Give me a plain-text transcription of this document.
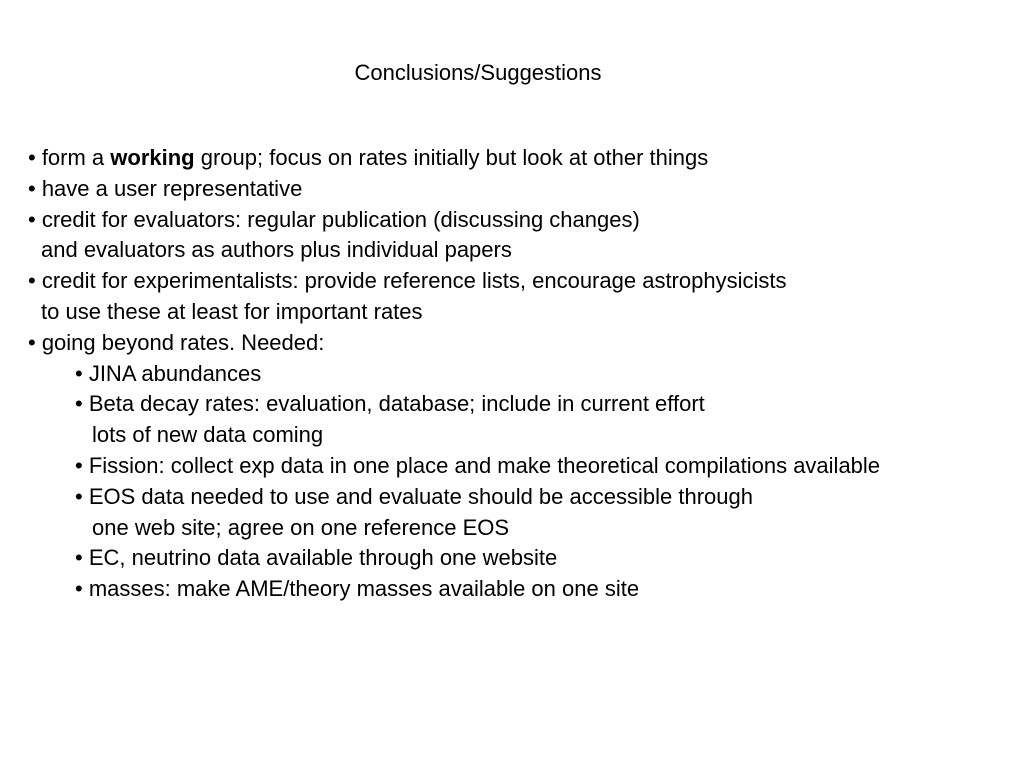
Conclusions/Suggestions
• form a working group; focus on rates initially but look at other things
• have a user representative
• credit for evaluators: regular publication (discussing changes)
and evaluators as authors plus individual papers
• credit for experimentalists: provide reference lists, encourage astrophysicists
to use these at least for important rates
• going beyond rates. Needed:
• JINA abundances
• Beta decay rates: evaluation, database; include in current effort
lots of new data coming
• Fission: collect exp data in one place and make theoretical compilations available
• EOS data needed to use and evaluate should be accessible through
one web site; agree on one reference EOS
• EC, neutrino data available through one website
• masses: make AME/theory masses available on one site
